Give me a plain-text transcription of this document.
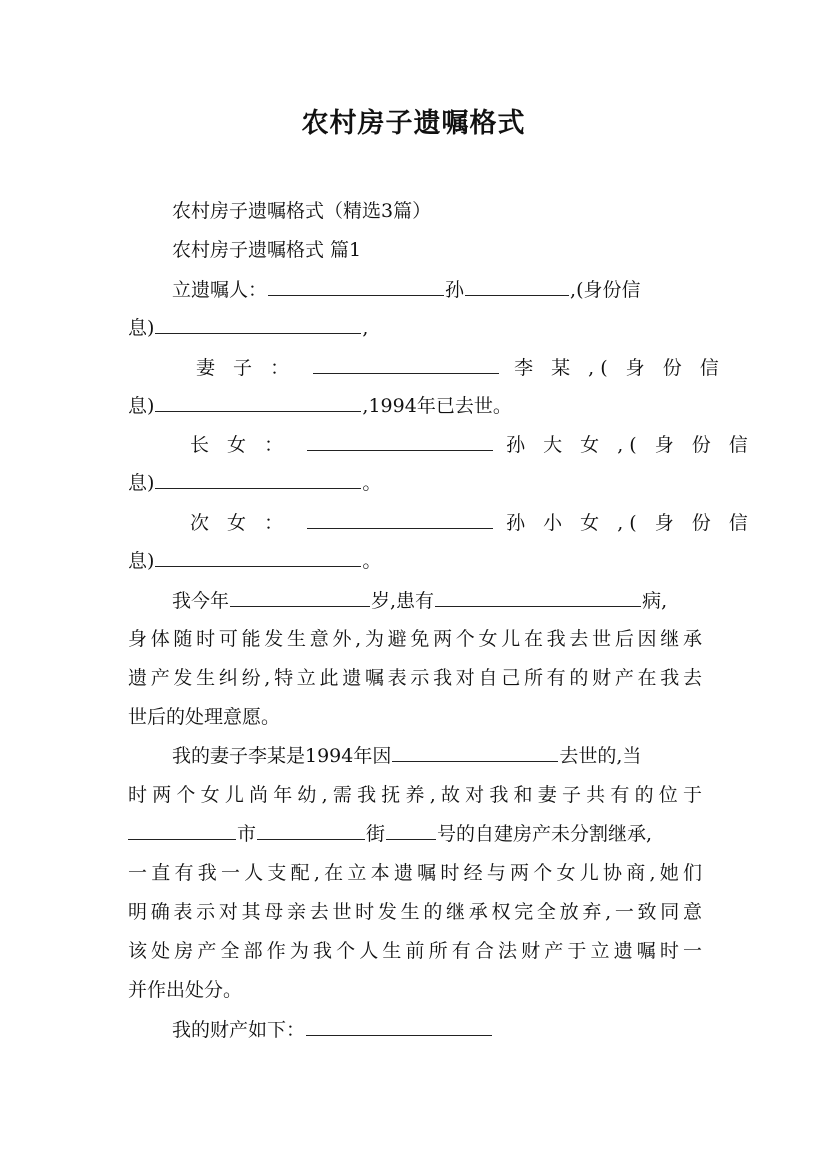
农村房子遗嘱格式
农村房子遗嘱格式（精选3篇）
农村房子遗嘱格式 篇1
立遗嘱人：	孙	,(身份信
息)	,
妻 子 ：	李 某 ,( 身 份 信
息)	,1994年已去世。
长 女 ：	孙 大 女 ,( 身 份 信
息)	。
次 女 ：	孙 小 女 ,( 身 份 信
息)	。
我今年	岁,患有	病,
身体随时可能发生意外,为避免两个女儿在我去世后因继承
遗产发生纠纷,特立此遗嘱表示我对自己所有的财产在我去
世后的处理意愿。
我的妻子李某是1994年因	去世的,当
时两个女儿尚年幼,需我抚养,故对我和妻子共有的位于
市	街	号的自建房产未分割继承,
一直有我一人支配,在立本遗嘱时经与两个女儿协商,她们
明确表示对其母亲去世时发生的继承权完全放弃,一致同意
该处房产全部作为我个人生前所有合法财产于立遗嘱时一
并作出处分。
我的财产如下：
